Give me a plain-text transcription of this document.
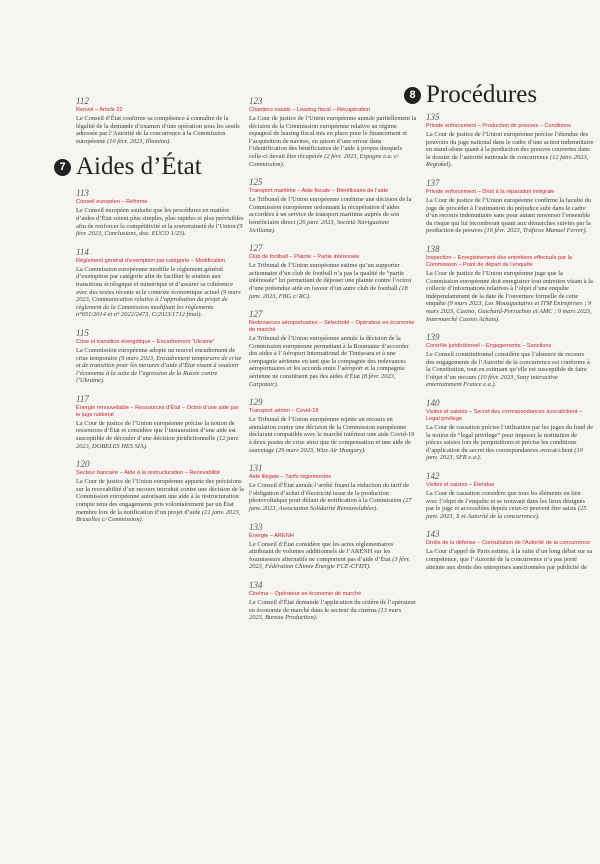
112
Renvoi – Article 22
Le Conseil d’État confirme sa compétence à connaître de la légalité de la demande d’examen d’une opération sous les seuils adressée par l’Autorité de la concurrence à la Commission européenne (10 févr. 2023, Illumina).
7 Aides d’État
113
Conseil européen – Réforme
Le Conseil européen souhaite que les procédures en matière d’aides d’État soient plus simples, plus rapides et plus prévisibles afin de renforcer la compétitivité et la souveraineté de l’Union (9 févr. 2023, Conclusions, doc. EUCO 1/23).
114
Règlement général d’exemption par catégorie – Modification
La Commission européenne modifie le règlement général d’exemption par catégorie afin de faciliter le soutien aux transitions écologique et numérique et d’assurer sa cohérence avec des textes récents et le contexte économique actuel (9 mars 2023, Communication relative à l’approbation du projet de règlement de la Commission modifiant les règlements n°651/2014 et n° 2022/2473, C/2023/1712 final).
115
Crise et transition énergétique – Encadrement “Ukraine”
La Commission européenne adopte un nouvel encadrement de crise temporaire (9 mars 2023, Encadrement temporaire de crise et de transition pour les mesures d’aide d’État visant à soutenir l’économie à la suite de l’agression de la Russie contre l’Ukraine).
117
Énergie renouvelable – Ressources d’État – Octroi d’une aide par le juge national
La Cour de justice de l’Union européenne précise la notion de ressources d’État et considère que l’instauration d’une aide est susceptible de découler d’une décision juridictionnelle (12 janv. 2023, DOBELES HES SIA).
120
Secteur bancaire – Aide à la restructuration – Recevabilité
La Cour de justice de l’Union européenne apporte des précisions sur la recevabilité d’un recours introduit contre une décision de la Commission européenne autorisant une aide à la restructuration compte tenu des engagements pris volontairement par un État membre lors de la notification d’un projet d’aide (21 janv. 2023, Bruxelles c/ Commission).
123
Chantiers navals – Leasing fiscal – Récupération
La Cour de justice de l’Union européenne annule partiellement la décision de la Commission européenne relative au régime espagnol de leasing fiscal mis en place pour le financement et l’acquisition de navires, en raison d’une erreur dans l’identification des bénéficiaires de l’aide à propos desquels celle-ci devait être récupérée (2 févr. 2023, Espagne e.a. c/ Commission).
125
Transport maritime – Aide fiscale – Bénéficiaire de l’aide
Le Tribunal de l’Union européenne confirme une décision de la Commission européenne ordonnant la récupération d’aides accordées à un service de transport maritime auprès de son bénéficiaire direct (26 janv. 2023, Società Navigazione Siciliana).
127
Club de football – Plainte – Partie intéressée
Le Tribunal de l’Union européenne estime qu’un supporter actionnaire d’un club de football n’a pas la qualité de “partie intéressée” lui permettant de déposer une plainte contre l’octroi d’une prétendue aide en faveur d’un autre club de football (18 janv. 2023, FBG c/ RC).
127
Redevances aéroportuaires – Sélectivité – Opérateur en économie de marché
Le Tribunal de l’Union européenne annule la décision de la Commission européenne permettant à la Roumanie d’accorder des aides à l’Aéroport International de Timișoara et à une compagnie aérienne en tant que la compagnie des redevances aéroportuaires et les accords entre l’aéroport et la compagnie aérienne ne constituent pas des aides d’État (8 févr. 2023, Carpatair).
129
Transport aérien – Covid-19
Le Tribunal de l’Union européenne rejette un recours en annulation contre une décision de la Commission européenne déclarant compatible avec le marché intérieur une aide Covid-19 à deux postes de crise ainsi que de compensation et une aide de sauvetage (29 mars 2023, Wizz Air Hungary).
131
Aide illégale – Tarifs réglementés
Le Conseil d’État annule l’arrêté fixant la réduction du tarif de l’obligation d’achat d’électricité issue de la production photovoltaïque pour défaut de notification à la Commission (27 janv. 2023, Association Solidarité Renouvelables).
133
Énergie – ARENH
Le Conseil d’État considère que les actes réglementaires attribuant de volumes additionnels de l’ARENH sur les fournisseurs alternatifs ne comportent pas d’aide d’État (3 févr. 2023, Fédération Chimie Énergie FCE-CFDT).
134
Cinéma – Opérateur en économie de marché
Le Conseil d’État demande l’application du critère de l’opérateur en économie de marché dans le secteur du cinéma (13 mars 2023, Bureau Production).
8 Procédures
135
Private enforcement – Production de preuves – Conditions
La Cour de justice de l’Union européenne précise l’étendue des pouvoirs du juge national dans le cadre d’une action indemnitaire en stand-alone quant à la production des preuves couvertes dans le dossier de l’autorité nationale de concurrence (12 janv. 2023, Regiokel).
137
Private enforcement – Droit à la réparation intégrale
La Cour de justice de l’Union européenne confirme la faculté du juge de procéder à l’estimation du préjudice subi dans le cadre d’un recours indemnitaire sans pour autant renverser l’ensemble du risque qui lui incomberait quant aux démarches suivies par la production de preuves (16 févr. 2023, Tráficos Manuel Ferrer).
138
Inspection – Enregistrement des entretiens effectués par la Commission – Point de départ de l’enquête
La Cour de justice de l’Union européenne juge que la Commission européenne doit enregistrer tout entretien visant à la collecte d’informations relatives à l’objet d’une enquête indépendamment de la date de l’ouverture formelle de cette enquête (9 mars 2023, Les Mousquetaires et ITM Entreprises ; 9 mars 2023, Casino, Guichard-Perrachon et AMC ; 9 mars 2023, Intermarché Casino Achats).
139
Contrôle juridictionnel – Engagements – Sanctions
Le Conseil constitutionnel considère que l’absence de recours des engagements de l’Autorité de la concurrence est conforme à la Constitution, tout en estimant qu’elle est susceptible de faire l’objet d’un recours (10 févr. 2023, Sony interactive entertainment France e.a.).
140
Visites et saisies – Secret des correspondances avocat/client – Legal privilege
La Cour de cassation précise l’utilisation par les juges du fond de la notion de “legal privilege” pour imposer la restitution de pièces saisies lors de perquisitions et précise les conditions d’application du secret des correspondances avocat/client (10 janv. 2023, SFR e.a.).
142
Visites et saisies – Étendue
La Cour de cassation considère que tous les éléments en lien avec l’objet de l’enquête et se trouvant dans les lieux désignés par le juge et accessibles depuis ceux-ci peuvent être saisis (25 janv. 2023, X et Autorité de la concurrence).
143
Droits de la défense – Consultation de l’Autorité de la concurrence
La Cour d’appel de Paris estime, à la suite d’un long débat sur sa compétence, que l’Autorité de la concurrence n’a pas porté atteinte aux droits des entreprises sanctionnées par publicité de
